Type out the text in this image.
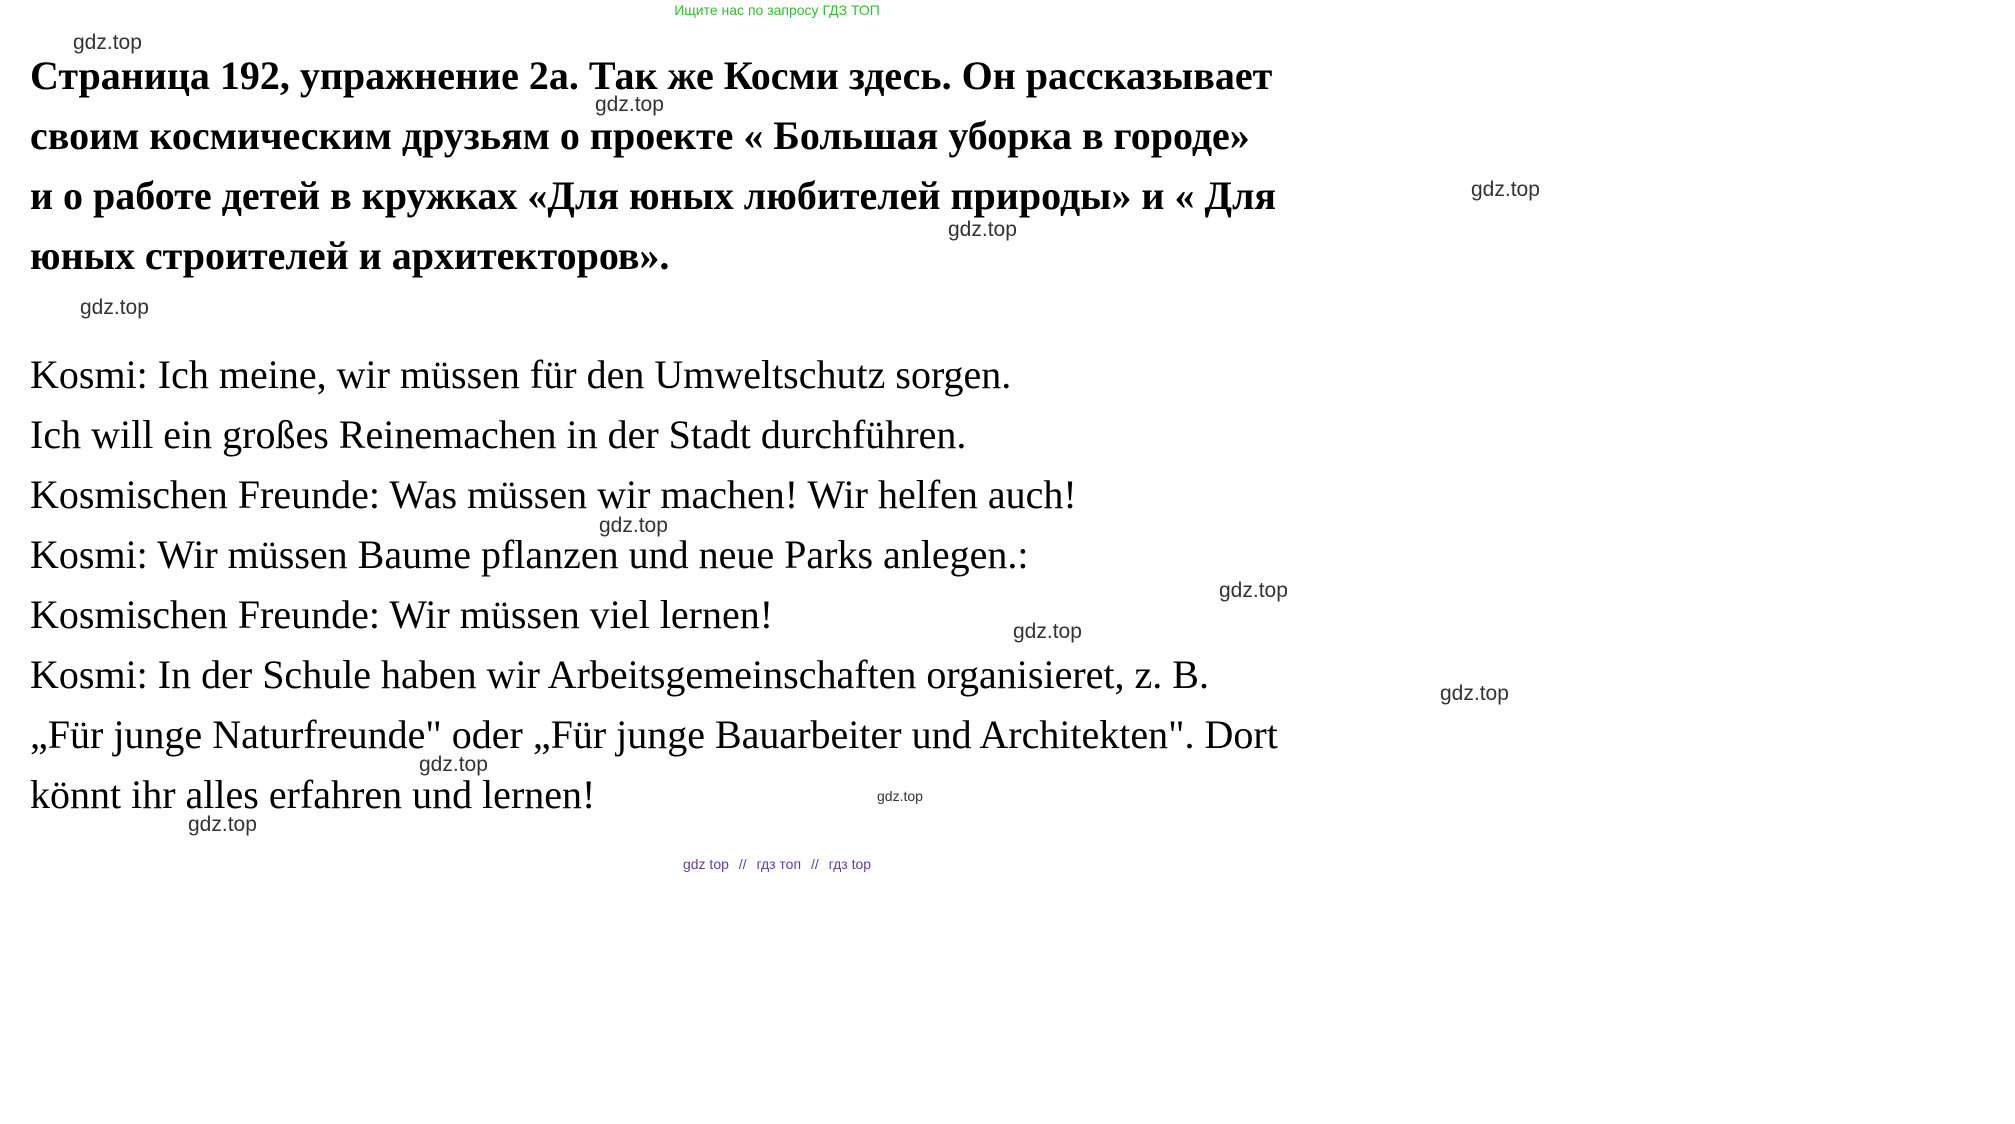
Ищите нас по запросу ГДЗ ТОП
Страница 192, упражнение 2а. Так же Косми здесь. Он рассказывает
своим космическим друзьям о проекте « Большая уборка в городе»
и о работе детей в кружках «Для юных любителей природы» и « Для
юных строителей и архитекторов».
Kosmi: Ich meine, wir müssen für den Umweltschutz sorgen.
Ich will ein großes Reinemachen in der Stadt durchführen.
Kosmischen Freunde: Was müssen wir machen! Wir helfen auch!
Kosmi: Wir müssen Baume pflanzen und neue Parks anlegen.:
Kosmischen Freunde: Wir müssen viel lernen!
Kosmi: In der Schule haben wir Arbeitsgemeinschaften organisieret, z. B.
„Für junge Naturfreunde" oder „Für junge Bauarbeiter und Architekten". Dort
könnt ihr alles erfahren und lernen!
gdz.top
gdz.top
gdz.top
gdz.top
gdz.top
gdz.top
gdz.top
gdz.top
gdz.top
gdz.top
gdz.top
gdz.top
gdz top // гдз топ // гдз top
